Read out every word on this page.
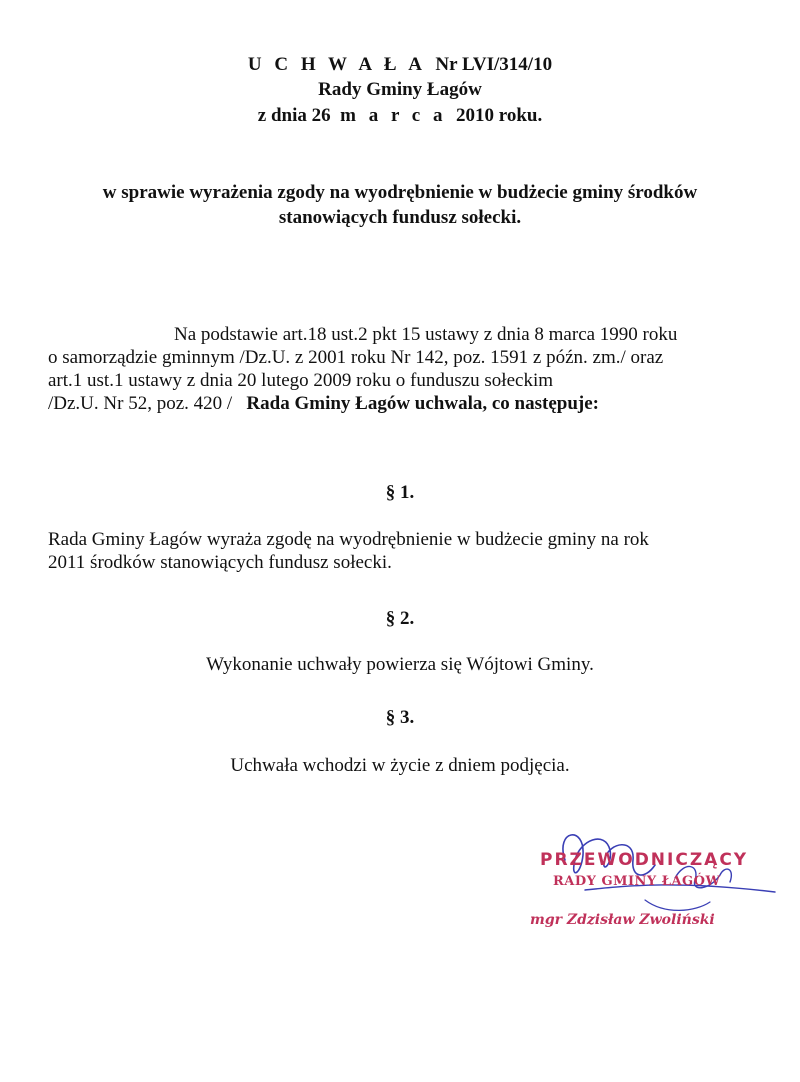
U C H W A Ł A Nr LVI/314/10
Rady Gminy Łagów
z dnia 26 m a r c a 2010 roku.
w sprawie wyrażenia zgody na wyodrębnienie w budżecie gminy środków
stanowiących fundusz sołecki.
Na podstawie art.18 ust.2 pkt 15 ustawy z dnia 8 marca 1990 roku
o samorządzie gminnym /Dz.U. z 2001 roku Nr 142, poz. 1591 z późn. zm./ oraz
art.1 ust.1 ustawy z dnia 20 lutego 2009 roku o funduszu sołeckim
/Dz.U. Nr 52, poz. 420 / Rada Gminy Łagów uchwala, co następuje:
§ 1.
Rada Gminy Łagów wyraża zgodę na wyodrębnienie w budżecie gminy na rok
2011 środków stanowiących fundusz sołecki.
§ 2.
Wykonanie uchwały powierza się Wójtowi Gminy.
§ 3.
Uchwała wchodzi w życie z dniem podjęcia.
PRZEWODNICZĄCY
RADY GMINY ŁAGÓW
mgr Zdzisław Zwoliński
